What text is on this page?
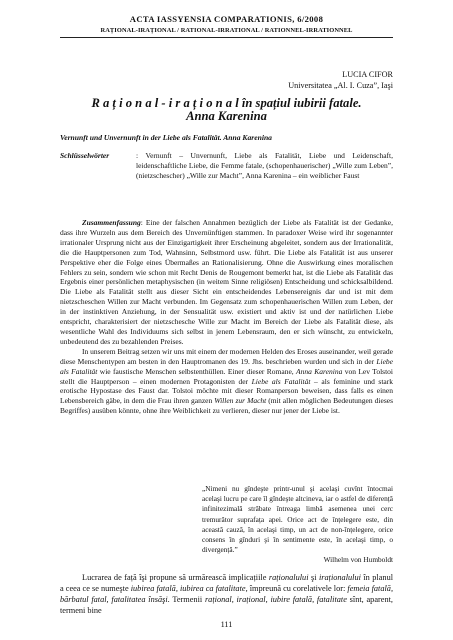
ACTA IASSYENSIA COMPARATIONIS, 6/2008
RAȚIONAL-IRAȚIONAL / RATIONAL-IRRATIONAL / RATIONNEL-IRRATIONNEL
LUCIA CIFOR
Universitatea „Al. I. Cuza”, Iaşi
R a ț i o n a l - i r a ț i o n a l în spațiul iubirii fatale.
Anna Karenina
Vernunft und Unvernunft in der Liebe als Fatalität. Anna Karenina
Schlüsselwörter	: Vernunft – Unvernunft, Liebe als Fatalität, Liebe und Leidenschaft, leidenschaftliche Liebe, die Femme fatale, (schopenhauerischer) „Wille zum Leben”, (nietzschescher) „Wille zur Macht”, Anna Karenina – ein weiblicher Faust

Zusammenfassung: Eine der falschen Annahmen bezüglich der Liebe als Fatalität ist der Gedanke, dass ihre Wurzeln aus dem Bereich des Unvernünftigen stammen. In paradoxer Weise wird ihr sogenannter irrationaler Ursprung nicht aus der Einzigartigkeit ihrer Erscheinung abgeleitet, sondern aus der Irrationalität, die die Hauptpersonen zum Tod, Wahnsinn, Selbstmord usw. führt. Die Liebe als Fatalität ist aus unserer Perspektive eher die Folge eines Übermaßes an Rationalisierung. Ohne die Auswirkung eines moralischen Fehlers zu sein, sondern wie schon mit Recht Denis de Rougemont bemerkt hat, ist die Liebe als Fatalität das Ergebnis einer persönlichen metaphysischen (in weitem Sinne religiösen) Entscheidung und schicksalbildend. Die Liebe als Fatalität stellt aus dieser Sicht ein entscheidendes Lebensereignis dar und ist mit dem nietzscheschen Willen zur Macht verbunden. Im Gegensatz zum schopenhauerischen Willen zum Leben, der in der instinktiven Anziehung, in der Sensualität usw. existiert und aktiv ist und der natürlichen Liebe entspricht, charakterisiert der nietzschesche Wille zur Macht im Bereich der Liebe als Fatalität diese, als wesentliche Wahl des Individuums sich selbst in jenem Lebensraum, den er sich wünscht, zu entwickeln, unbedeutend des zu bezahlenden Preises.

In unserem Beitrag setzen wir uns mit einem der modernen Helden des Eroses auseinander, weil gerade diese Menschentypen am besten in den Hauptromanen des 19. Jhs. beschrieben wurden und sich in der Liebe als Fatalität wie faustische Menschen selbstenthüllen. Einer dieser Romane, Anna Karenina von Lev Tolstoi stellt die Hauptperson – einen modernen Protagonisten der Liebe als Fatalität – als feminine und stark erotische Hypostase des Faust dar. Tolstoi möchte mit dieser Romanperson beweisen, dass falls es einen Lebensbereich gäbe, in dem die Frau ihren ganzen Willen zur Macht (mit allen möglichen Bedeutungen dieses Begriffes) ausüben könnte, ohne ihre Weiblichkeit zu verlieren, dieser nur jener der Liebe ist.

„Nimeni nu gîndeşte printr-unul şi acelaşi cuvînt întocmai acelaşi lucru pe care îl gîndeşte altcineva, iar o astfel de diferență infinitezimală străbate întreaga limbă asemenea unei cerc tremurător suprafața apei. Orice act de înțelegere este, din această cauză, în acelaşi timp, un act de non-înțelegere, orice consens în gînduri şi în sentimente este, în acelaşi timp, o divergență.”
Wilhelm von Humboldt

Lucrarea de față îşi propune să urmărească implicațiile raționalului şi iraționalului în planul a ceea ce se numeşte iubirea fatală, iubirea ca fatalitate, împreună cu corelativele lor: femeia fatală, bărbatul fatal, fatalitatea însăşi. Termenii rațional, irațional, iubire fatală, fatalitate sînt, aparent, termeni bine

111
